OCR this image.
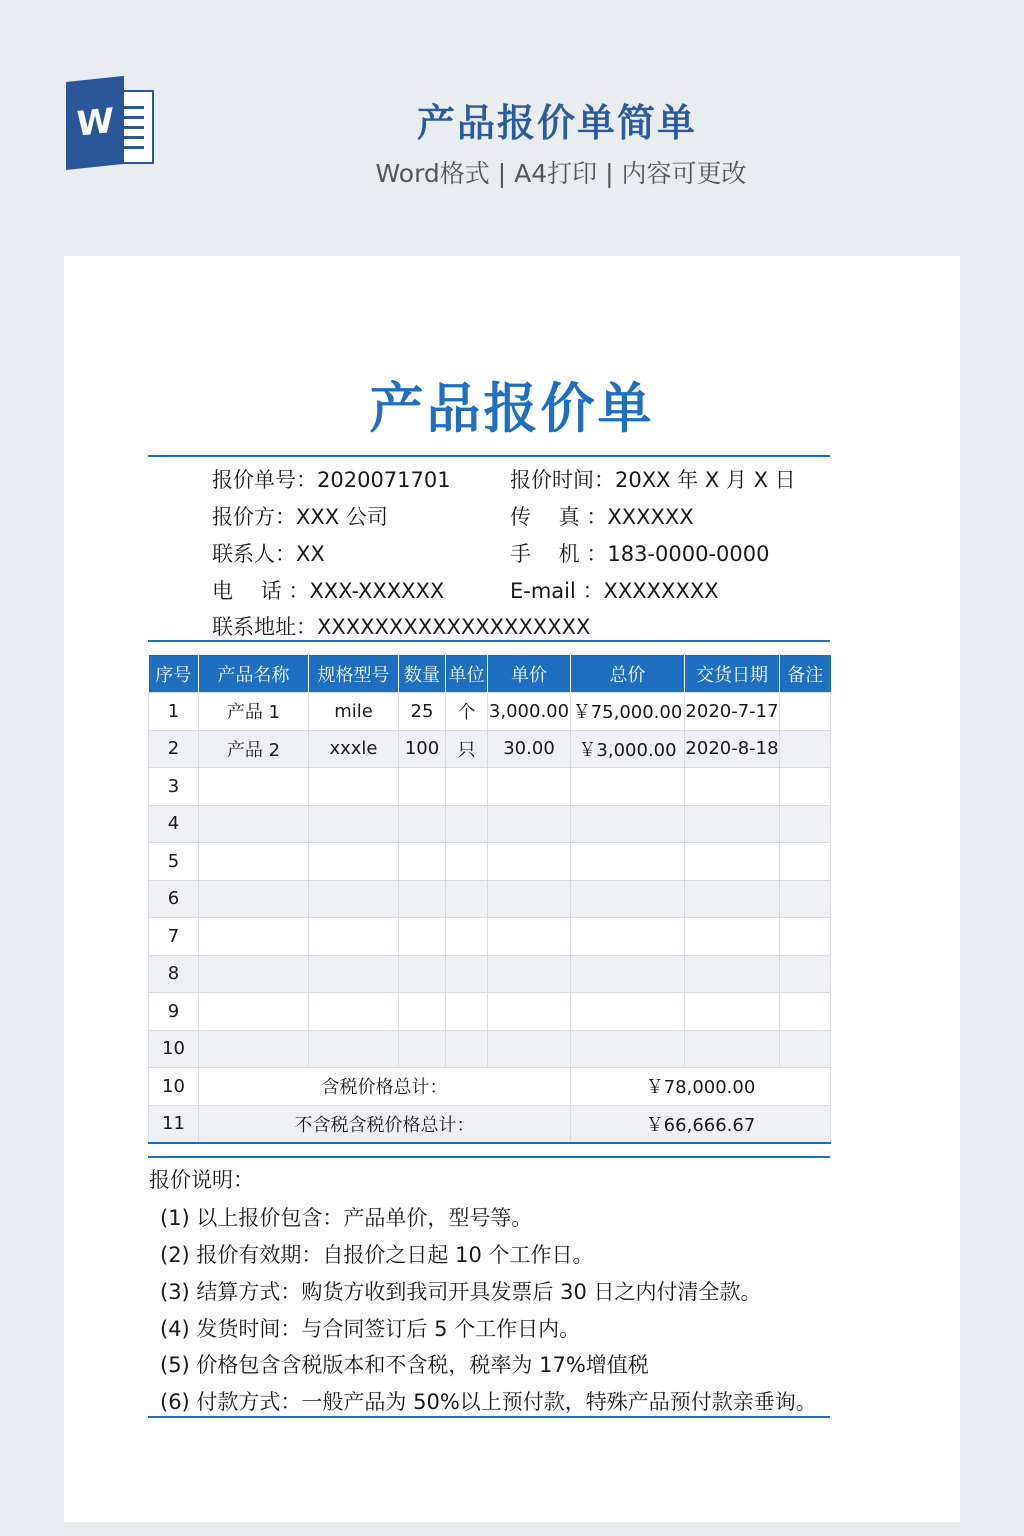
W	产品报价单简单
Word格式 | A4打印 | 内容可更改
产品报价单
报价单号：2020071701
报价方：XXX 公司
联系人：XX
电　 话 ：XXX-XXXXXX
联系地址：XXXXXXXXXXXXXXXXXXX
报价时间：20XX 年 X 月 X 日
传　 真 ：XXXXXX
手　 机 ：183-0000-0000
E-mail ：XXXXXXXX
序号	产品名称	规格型号	数量	单位	单价	总价	交货日期	备注
1	产品 1	mile	25	个	3,000.00	￥75,000.00	2020-7-17	
2	产品 2	xxxle	100	只	30.00	￥3,000.00	2020-8-18	
3								
4								
5								
6								
7								
8								
9								
10								
10	含税价格总计：					￥78,000.00		
11	不含税含税价格总计：					￥66,666.67		
报价说明：
(1) 以上报价包含：产品单价，型号等。
(2) 报价有效期：自报价之日起 10 个工作日。
(3) 结算方式：购货方收到我司开具发票后 30 日之内付清全款。
(4) 发货时间：与合同签订后 5 个工作日内。
(5) 价格包含含税版本和不含税，税率为 17%增值税
(6) 付款方式：一般产品为 50%以上预付款，特殊产品预付款亲垂询。
